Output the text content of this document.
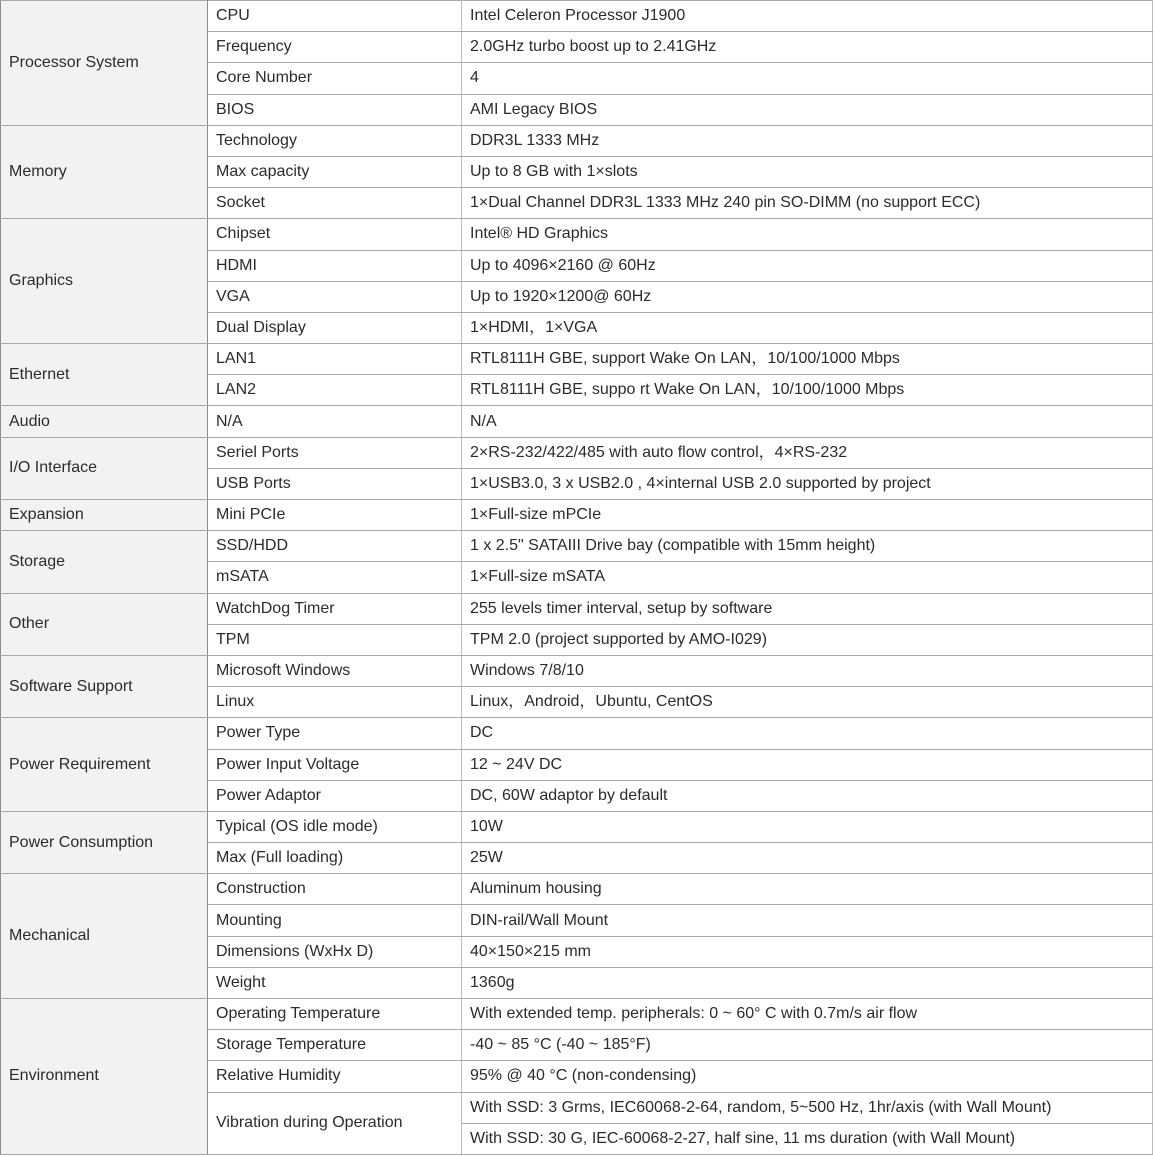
Processor System	CPU	Intel Celeron Processor J1900
	Frequency	2.0GHz turbo boost up to 2.41GHz
	Core Number	4
	BIOS	AMI Legacy BIOS
Memory	Technology	DDR3L 1333 MHz
	Max capacity	Up to 8 GB with 1×slots
	Socket	1×Dual Channel DDR3L 1333 MHz 240 pin SO-DIMM (no support ECC)
Graphics	Chipset	Intel® HD Graphics
	HDMI	Up to 4096×2160 @ 60Hz
	VGA	Up to 1920×1200@ 60Hz
	Dual Display	1×HDMI，1×VGA
Ethernet	LAN1	RTL8111H GBE, support Wake On LAN，10/100/1000 Mbps
	LAN2	RTL8111H GBE, suppo rt Wake On LAN，10/100/1000 Mbps
Audio	N/A	N/A
I/O Interface	Seriel Ports	2×RS-232/422/485 with auto flow control，4×RS-232
	USB Ports	1×USB3.0, 3 x USB2.0 , 4×internal USB 2.0 supported by project
Expansion	Mini PCIe	1×Full-size mPCIe
Storage	SSD/HDD	1 x 2.5" SATAIII Drive bay (compatible with 15mm height)
	mSATA	1×Full-size mSATA
Other	WatchDog Timer	255 levels timer interval, setup by software
	TPM	TPM 2.0 (project supported by AMO-I029)
Software Support	Microsoft Windows	Windows 7/8/10
	Linux	Linux，Android，Ubuntu, CentOS
Power Requirement	Power Type	DC
	Power Input Voltage	12 ~ 24V DC
	Power Adaptor	DC, 60W adaptor by default
Power Consumption	Typical (OS idle mode)	10W
	Max (Full loading)	25W
Mechanical	Construction	Aluminum housing
	Mounting	DIN-rail/Wall Mount
	Dimensions (WxHx D)	40×150×215 mm
	Weight	1360g
Environment	Operating Temperature	With extended temp. peripherals: 0 ~ 60° C with 0.7m/s air flow
	Storage Temperature	-40 ~ 85 °C (-40 ~ 185°F)
	Relative Humidity	95% @ 40 °C (non-condensing)
	Vibration during Operation	With SSD: 3 Grms, IEC60068-2-64, random, 5~500 Hz, 1hr/axis (with Wall Mount)
		With SSD: 30 G, IEC-60068-2-27, half sine, 11 ms duration (with Wall Mount)
